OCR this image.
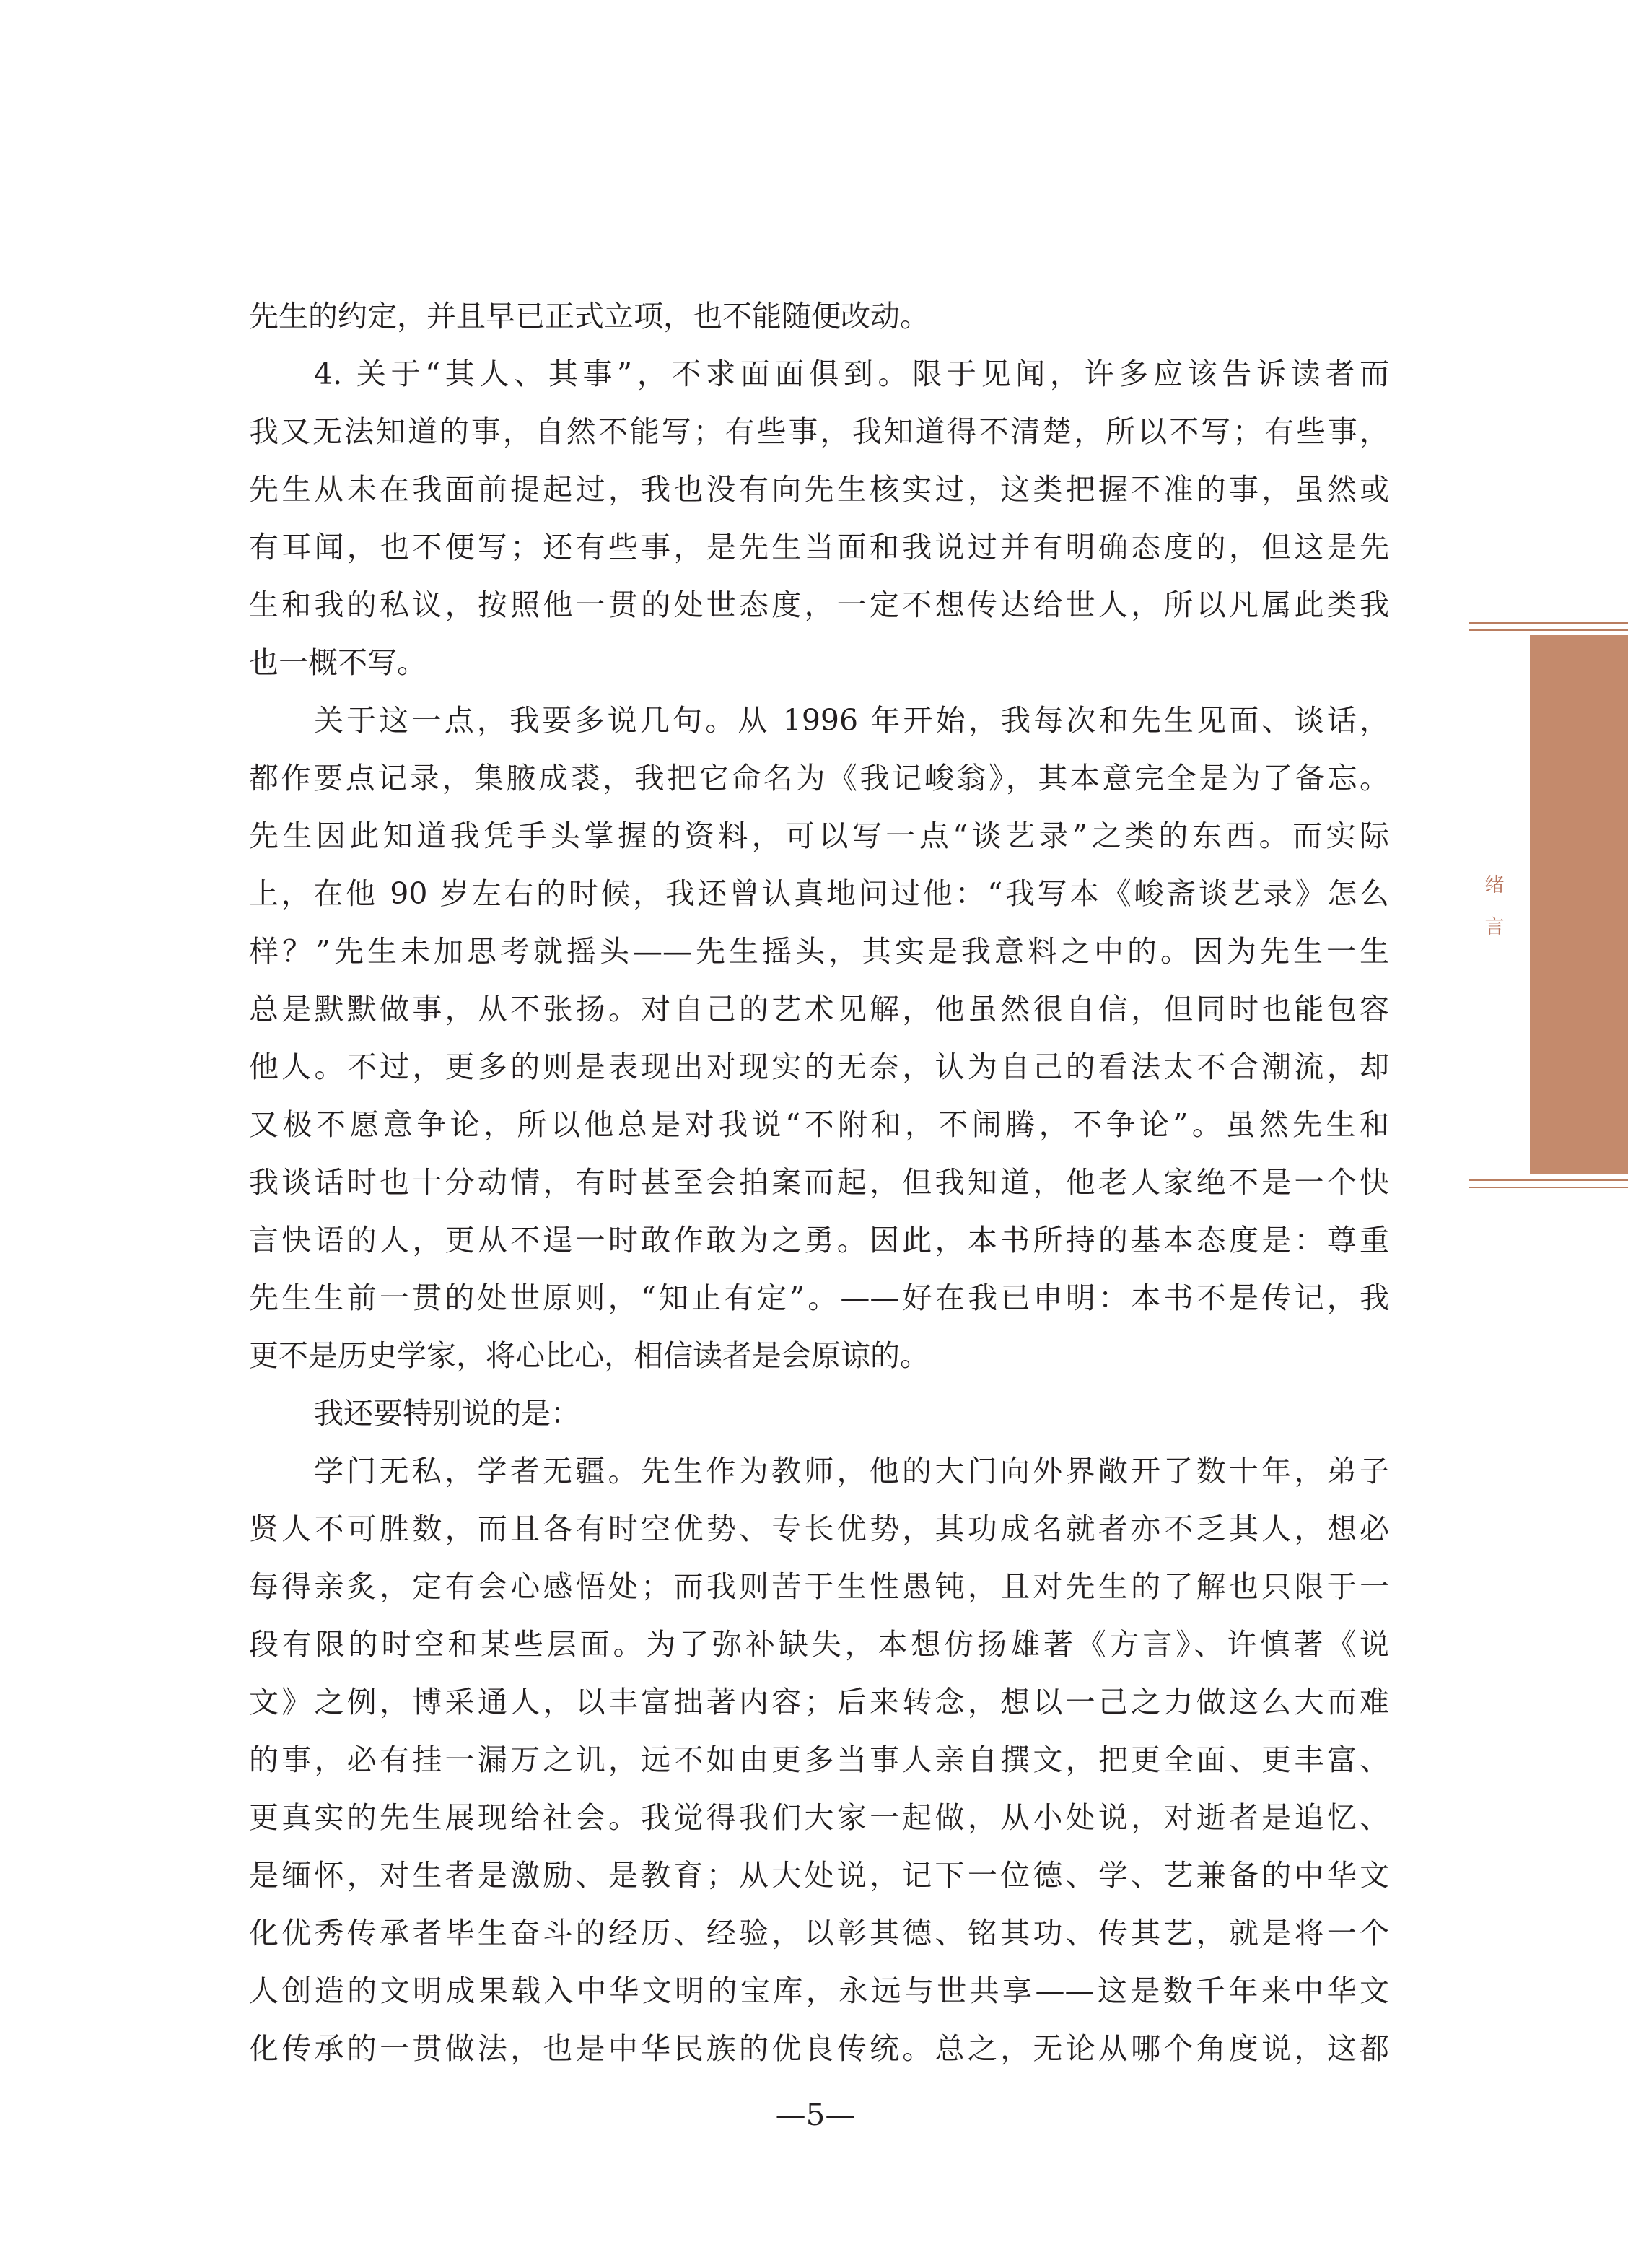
先生的约定，并且早已正式立项，也不能随便改动。

4. 关于“其人、其事”，不求面面俱到。限于见闻，许多应该告诉读者而

我又无法知道的事，自然不能写；有些事，我知道得不清楚，所以不写；有些事，

先生从未在我面前提起过，我也没有向先生核实过，这类把握不准的事，虽然或

有耳闻，也不便写；还有些事，是先生当面和我说过并有明确态度的，但这是先

生和我的私议，按照他一贯的处世态度，一定不想传达给世人，所以凡属此类我

也一概不写。

关于这一点，我要多说几句。从 1996 年开始，我每次和先生见面、谈话，

都作要点记录，集腋成裘，我把它命名为《我记峻翁》，其本意完全是为了备忘。

先生因此知道我凭手头掌握的资料，可以写一点“谈艺录”之类的东西。而实际

上，在他 90 岁左右的时候，我还曾认真地问过他：“我写本《峻斋谈艺录》怎么

样？”先生未加思考就摇头——先生摇头，其实是我意料之中的。因为先生一生

总是默默做事，从不张扬。对自己的艺术见解，他虽然很自信，但同时也能包容

他人。不过，更多的则是表现出对现实的无奈，认为自己的看法太不合潮流，却

又极不愿意争论，所以他总是对我说“不附和，不闹腾，不争论”。虽然先生和

我谈话时也十分动情，有时甚至会拍案而起，但我知道，他老人家绝不是一个快

言快语的人，更从不逞一时敢作敢为之勇。因此，本书所持的基本态度是：尊重

先生生前一贯的处世原则，“知止有定”。——好在我已申明：本书不是传记，我

更不是历史学家，将心比心，相信读者是会原谅的。

我还要特别说的是：

学门无私，学者无疆。先生作为教师，他的大门向外界敞开了数十年，弟子

贤人不可胜数，而且各有时空优势、专长优势，其功成名就者亦不乏其人，想必

每得亲炙，定有会心感悟处；而我则苦于生性愚钝，且对先生的了解也只限于一

段有限的时空和某些层面。为了弥补缺失，本想仿扬雄著《方言》、许慎著《说

文》之例，博采通人，以丰富拙著内容；后来转念，想以一己之力做这么大而难

的事，必有挂一漏万之讥，远不如由更多当事人亲自撰文，把更全面、更丰富、

更真实的先生展现给社会。我觉得我们大家一起做，从小处说，对逝者是追忆、

是缅怀，对生者是激励、是教育；从大处说，记下一位德、学、艺兼备的中华文

化优秀传承者毕生奋斗的经历、经验，以彰其德、铭其功、传其艺，就是将一个

人创造的文明成果载入中华文明的宝库，永远与世共享——这是数千年来中华文

化传承的一贯做法，也是中华民族的优良传统。总之，无论从哪个角度说，这都

绪
言
—5—
